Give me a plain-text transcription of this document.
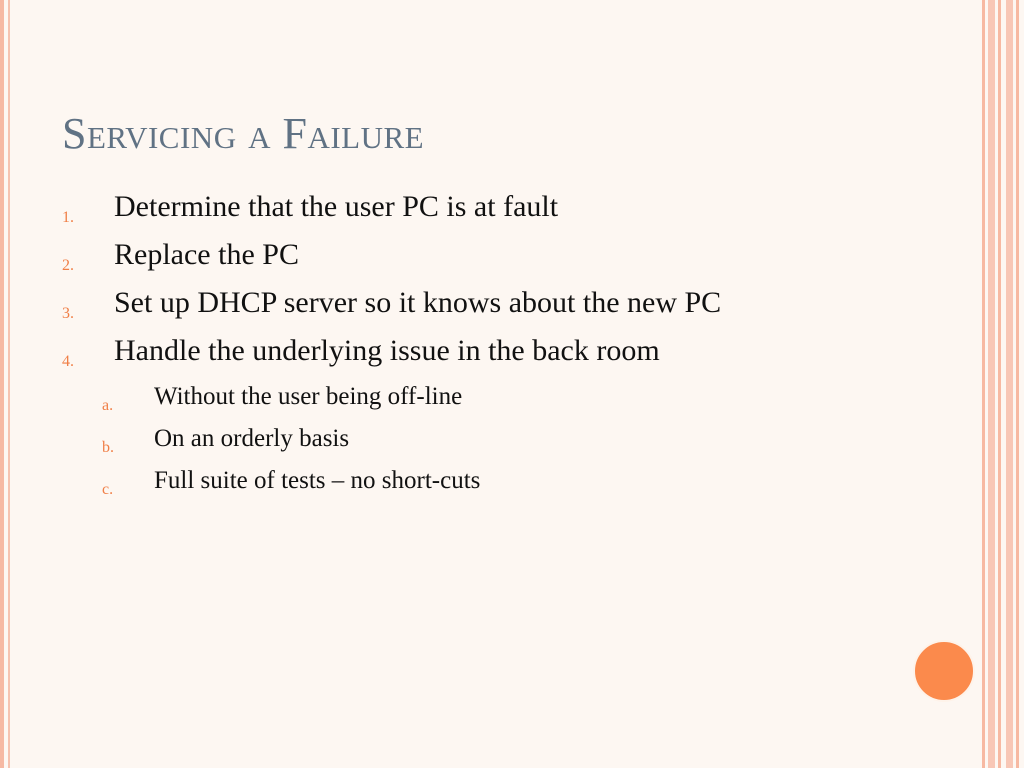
Servicing a Failure
1. Determine that the user PC is at fault
2. Replace the PC
3. Set up DHCP server so it knows about the new PC
4. Handle the underlying issue in the back room
a. Without the user being off-line
b. On an orderly basis
c. Full suite of tests – no short-cuts
